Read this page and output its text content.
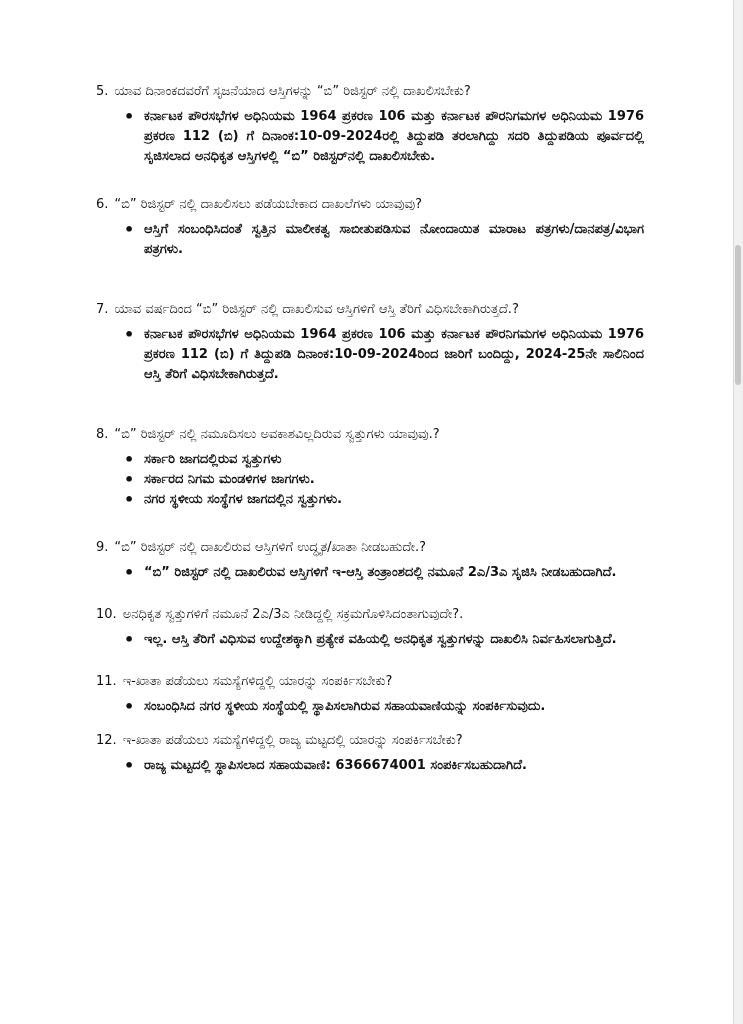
5. ಯಾವ ದಿನಾಂಕದವರೆಗೆ ಸೃಜನೆಯಾದ ಆಸ್ತಿಗಳನ್ನು “ಬಿ” ರಿಜಿಸ್ಟರ್ ನಲ್ಲಿ ದಾಖಲಿಸಬೇಕು?

• ಕರ್ನಾಟಕ ಪೌರಸಭೆಗಳ ಅಧಿನಿಯಮ 1964 ಪ್ರಕರಣ 106 ಮತ್ತು ಕರ್ನಾಟಕ ಪೌರನಿಗಮಗಳ ಅಧಿನಿಯಮ 1976 ಪ್ರಕರಣ 112 (ಬಿ) ಗೆ ದಿನಾಂಕ:10-09-2024ರಲ್ಲಿ ತಿದ್ದುಪಡಿ ತರಲಾಗಿದ್ದು ಸದರಿ ತಿದ್ದುಪಡಿಯ ಪೂರ್ವದಲ್ಲಿ ಸೃಜಿಸಲಾದ ಅನಧಿಕೃತ ಆಸ್ತಿಗಳಲ್ಲಿ “ಬಿ” ರಿಜಿಸ್ಟರ್‌ನಲ್ಲಿ ದಾಖಲಿಸಬೇಕು.

6. “ಬಿ” ರಿಜಿಸ್ಟರ್ ನಲ್ಲಿ ದಾಖಲಿಸಲು ಪಡೆಯಬೇಕಾದ ದಾಖಲೆಗಳು ಯಾವುವು?

• ಆಸ್ತಿಗೆ ಸಂಬಂಧಿಸಿದಂತೆ ಸ್ವತ್ತಿನ ಮಾಲೀಕತ್ವ ಸಾಬೀತುಪಡಿಸುವ ನೋಂದಾಯಿತ ಮಾರಾಟ ಪತ್ರಗಳು/ದಾನಪತ್ರ/ವಿಭಾಗ ಪತ್ರಗಳು.

7. ಯಾವ ವರ್ಷದಿಂದ “ಬಿ” ರಿಜಿಸ್ಟರ್ ನಲ್ಲಿ ದಾಖಲಿಸುವ ಆಸ್ತಿಗಳಿಗೆ ಆಸ್ತಿ ತೆರಿಗೆ ವಿಧಿಸಬೇಕಾಗಿರುತ್ತದೆ.?

• ಕರ್ನಾಟಕ ಪೌರಸಭೆಗಳ ಅಧಿನಿಯಮ 1964 ಪ್ರಕರಣ 106 ಮತ್ತು ಕರ್ನಾಟಕ ಪೌರನಿಗಮಗಳ ಅಧಿನಿಯಮ 1976 ಪ್ರಕರಣ 112 (ಬಿ) ಗೆ ತಿದ್ದುಪಡಿ ದಿನಾಂಕ:10-09-2024ರಿಂದ ಜಾರಿಗೆ ಬಂದಿದ್ದು, 2024-25ನೇ ಸಾಲಿನಿಂದ ಆಸ್ತಿ ತೆರಿಗೆ ವಿಧಿಸಬೇಕಾಗಿರುತ್ತದೆ.

8. “ಬಿ” ರಿಜಿಸ್ಟರ್ ನಲ್ಲಿ ನಮೂದಿಸಲು ಅವಕಾಶವಿಲ್ಲದಿರುವ ಸ್ವತ್ತುಗಳು ಯಾವುವು.?

• ಸರ್ಕಾರಿ ಜಾಗದಲ್ಲಿರುವ ಸ್ವತ್ತುಗಳು
• ಸರ್ಕಾರದ ನಿಗಮ ಮಂಡಳಿಗಳ ಜಾಗಗಳು.
• ನಗರ ಸ್ಥಳೀಯ ಸಂಸ್ಥೆಗಳ ಜಾಗದಲ್ಲಿನ ಸ್ವತ್ತುಗಳು.

9. “ಬಿ” ರಿಜಿಸ್ಟರ್ ನಲ್ಲಿ ದಾಖಲಿರುವ ಆಸ್ತಿಗಳಿಗೆ ಉದ್ಧೃತ/ಖಾತಾ ನೀಡಬಹುದೇ.?

• “ಬಿ” ರಿಜಿಸ್ಟರ್ ನಲ್ಲಿ ದಾಖಲಿರುವ ಆಸ್ತಿಗಳಿಗೆ ಇ-ಆಸ್ತಿ ತಂತ್ರಾಂಶದಲ್ಲಿ ನಮೂನೆ 2ಎ/3ಎ ಸೃಜಿಸಿ ನೀಡಬಹುದಾಗಿದೆ.

10. ಅನಧಿಕೃತ ಸ್ವತ್ತುಗಳಿಗೆ ನಮೂನೆ 2ಎ/3ಎ ನೀಡಿದ್ದಲ್ಲಿ ಸಕ್ರಮಗೊಳಿಸಿದಂತಾಗುವುದೇ?.

• ಇಲ್ಲ. ಆಸ್ತಿ ತೆರಿಗೆ ವಿಧಿಸುವ ಉದ್ದೇಶಕ್ಕಾಗಿ ಪ್ರತ್ಯೇಕ ವಹಿಯಲ್ಲಿ ಅನಧಿಕೃತ ಸ್ವತ್ತುಗಳನ್ನು ದಾಖಲಿಸಿ ನಿರ್ವಹಿಸಲಾಗುತ್ತಿದೆ.

11. ಇ-ಖಾತಾ ಪಡೆಯಲು ಸಮಸ್ಯೆಗಳಿದ್ದಲ್ಲಿ ಯಾರನ್ನು ಸಂಪರ್ಕಿಸಬೇಕು?

• ಸಂಬಂಧಿಸಿದ ನಗರ ಸ್ಥಳೀಯ ಸಂಸ್ಥೆಯಲ್ಲಿ ಸ್ಥಾಪಿಸಲಾಗಿರುವ ಸಹಾಯವಾಣಿಯನ್ನು ಸಂಪರ್ಕಿಸುವುದು.

12. ಇ-ಖಾತಾ ಪಡೆಯಲು ಸಮಸ್ಯೆಗಳಿದ್ದಲ್ಲಿ ರಾಜ್ಯ ಮಟ್ಟದಲ್ಲಿ ಯಾರನ್ನು ಸಂಪರ್ಕಿಸಬೇಕು?

• ರಾಜ್ಯ ಮಟ್ಟದಲ್ಲಿ ಸ್ಥಾಪಿಸಲಾದ ಸಹಾಯವಾಣಿ: 6366674001 ಸಂಪರ್ಕಿಸಬಹುದಾಗಿದೆ.
